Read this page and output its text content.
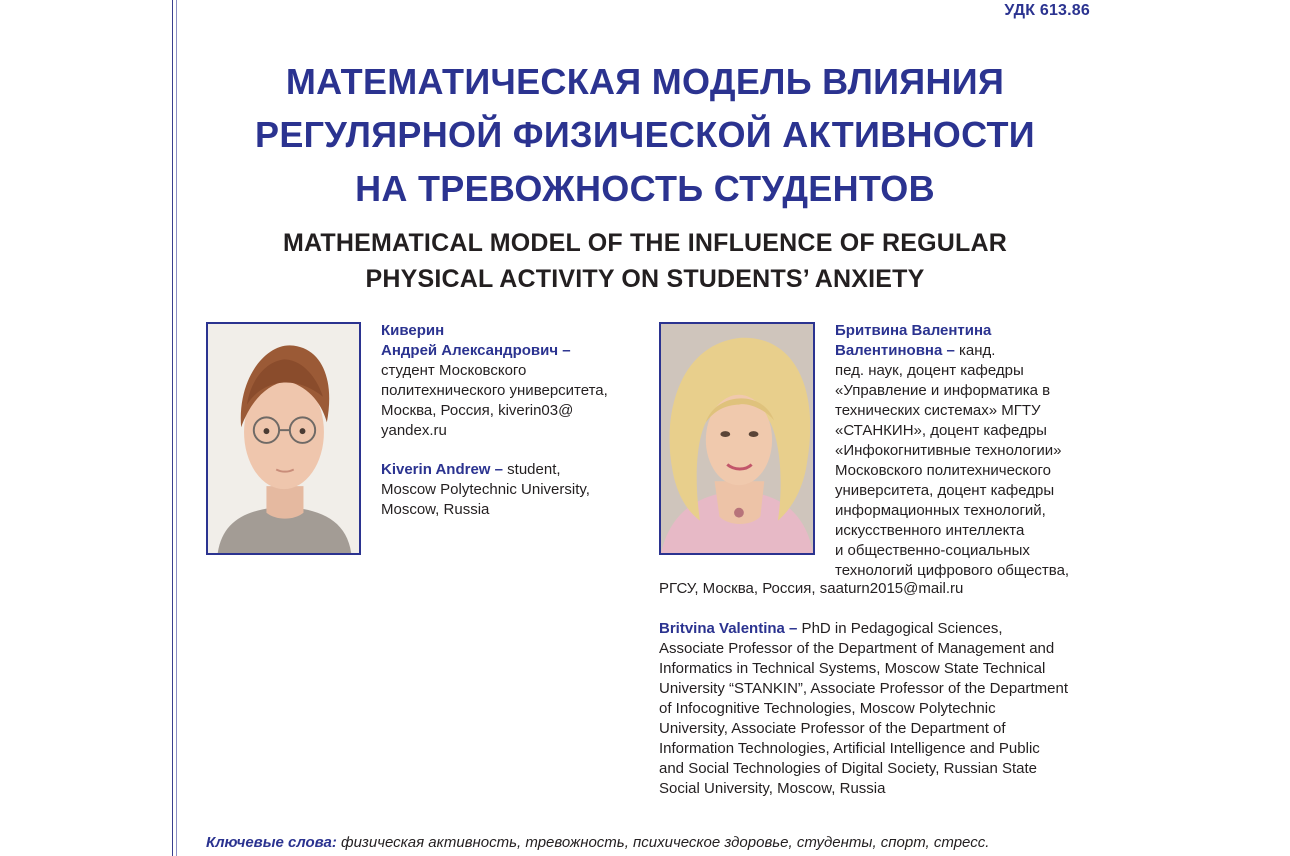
УДК 613.86
МАТЕМАТИЧЕСКАЯ МОДЕЛЬ ВЛИЯНИЯ
РЕГУЛЯРНОЙ ФИЗИЧЕСКОЙ АКТИВНОСТИ
НА ТРЕВОЖНОСТЬ СТУДЕНТОВ
MATHEMATICAL MODEL OF THE INFLUENCE OF REGULAR
PHYSICAL ACTIVITY ON STUDENTS’ ANXIETY
Киверин
Андрей Александрович –
студент Московского
политехнического университета,
Москва, Россия, kiverin03@
yandex.ru
Kiverin Andrew – student,
Moscow Polytechnic University,
Moscow, Russia
Бритвина Валентина
Валентиновна – канд.
пед. наук, доцент кафедры
«Управление и информатика в
технических системах» МГТУ
«СТАНКИН», доцент кафедры
«Инфокогнитивные технологии»
Московского политехнического
университета, доцент кафедры
информационных технологий,
искусственного интеллекта
и общественно-социальных
технологий цифрового общества,
РГСУ, Москва, Россия, saaturn2015@mail.ru
Britvina Valentina – PhD in Pedagogical Sciences,
Associate Professor of the Department of Management and
Informatics in Technical Systems, Moscow State Technical
University “STANKIN”, Associate Professor of the Department
of Infocognitive Technologies, Moscow Polytechnic
University, Associate Professor of the Department of
Information Technologies, Artificial Intelligence and Public
and Social Technologies of Digital Society, Russian State
Social University, Moscow, Russia
Ключевые слова: физическая активность, тревожность, психическое здоровье, студенты, спорт, стресс.
